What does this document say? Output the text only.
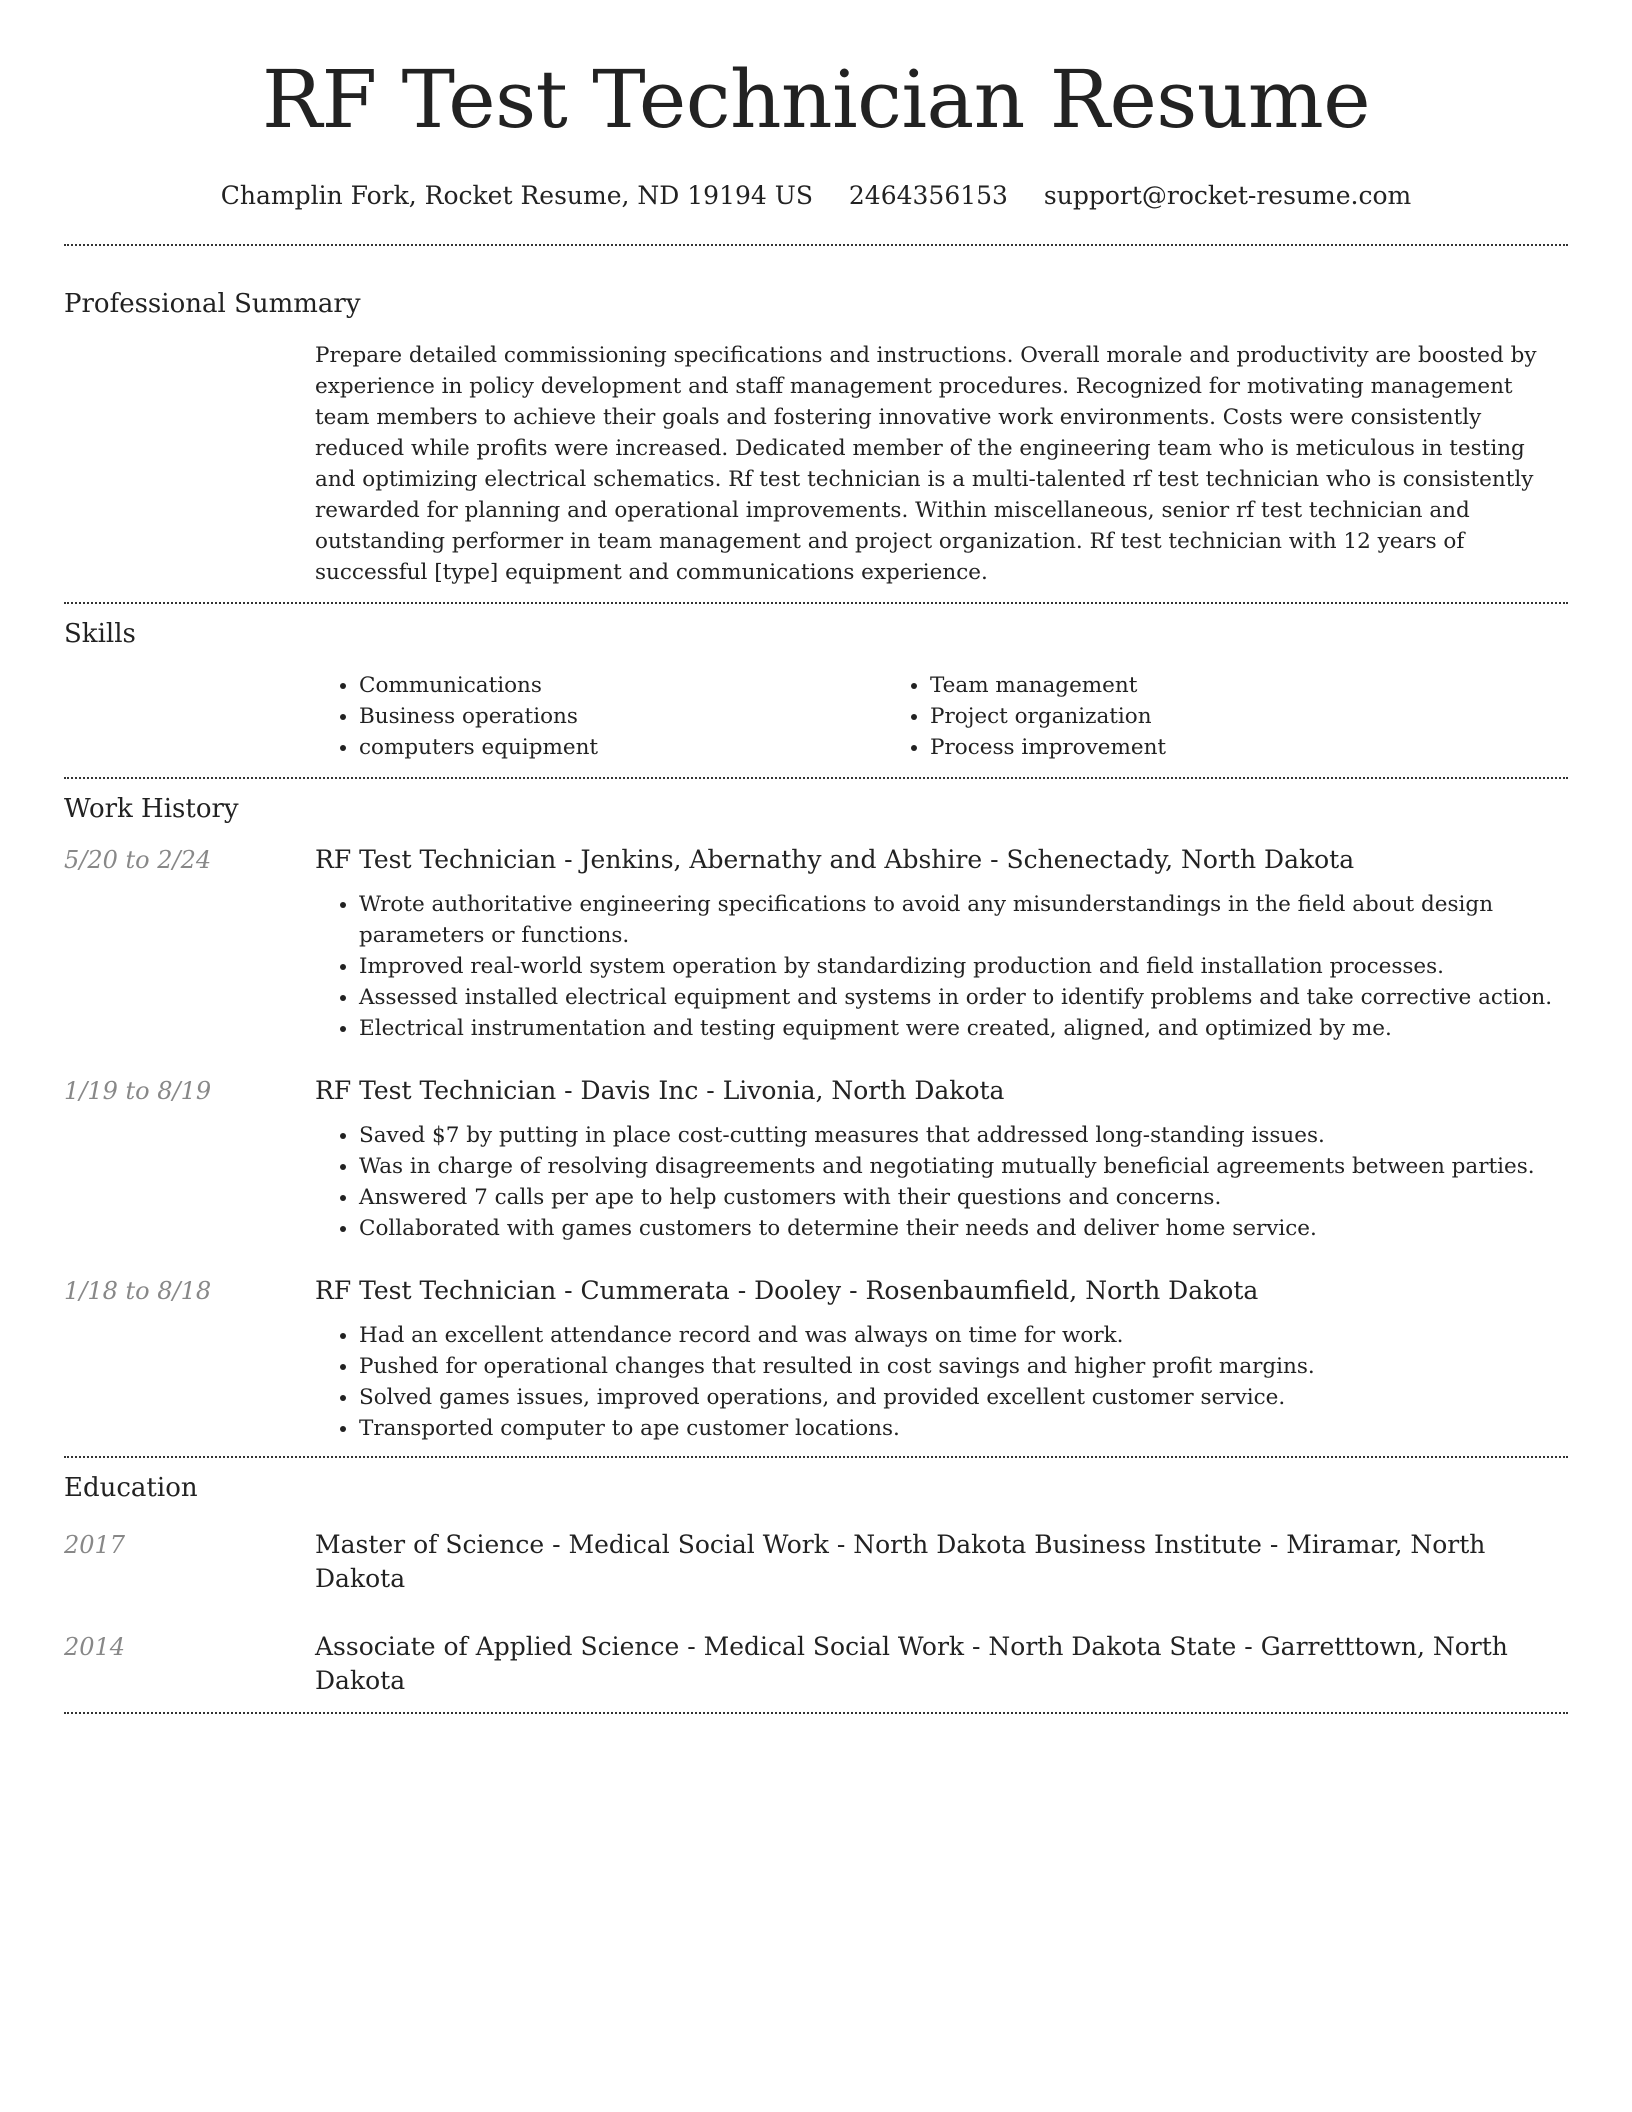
RF Test Technician Resume
Champlin Fork, Rocket Resume, ND 19194 US 2464356153 support@rocket-resume.com
Professional Summary

Prepare detailed commissioning specifications and instructions. Overall morale and productivity are boosted by experience in policy development and staff management procedures. Recognized for motivating management team members to achieve their goals and fostering innovative work environments. Costs were consistently reduced while profits were increased. Dedicated member of the engineering team who is meticulous in testing and optimizing electrical schematics. Rf test technician is a multi-talented rf test technician who is consistently rewarded for planning and operational improvements. Within miscellaneous, senior rf test technician and outstanding performer in team management and project organization. Rf test technician with 12 years of successful [type] equipment and communications experience.

Skills
• Communications
• Business operations
• computers equipment
• Team management
• Project organization
• Process improvement
Work History
5/20 to 2/24	RF Test Technician - Jenkins, Abernathy and Abshire - Schenectady, North Dakota
• Wrote authoritative engineering specifications to avoid any misunderstandings in the field about design parameters or functions.
• Improved real-world system operation by standardizing production and field installation processes.
• Assessed installed electrical equipment and systems in order to identify problems and take corrective action.
• Electrical instrumentation and testing equipment were created, aligned, and optimized by me.
1/19 to 8/19	RF Test Technician - Davis Inc - Livonia, North Dakota
• Saved $7 by putting in place cost-cutting measures that addressed long-standing issues.
• Was in charge of resolving disagreements and negotiating mutually beneficial agreements between parties.
• Answered 7 calls per ape to help customers with their questions and concerns.
• Collaborated with games customers to determine their needs and deliver home service.
1/18 to 8/18	RF Test Technician - Cummerata - Dooley - Rosenbaumfield, North Dakota
• Had an excellent attendance record and was always on time for work.
• Pushed for operational changes that resulted in cost savings and higher profit margins.
• Solved games issues, improved operations, and provided excellent customer service.
• Transported computer to ape customer locations.
Education
2017	Master of Science - Medical Social Work - North Dakota Business Institute - Miramar, North Dakota
2014	Associate of Applied Science - Medical Social Work - North Dakota State - Garretttown, North Dakota
